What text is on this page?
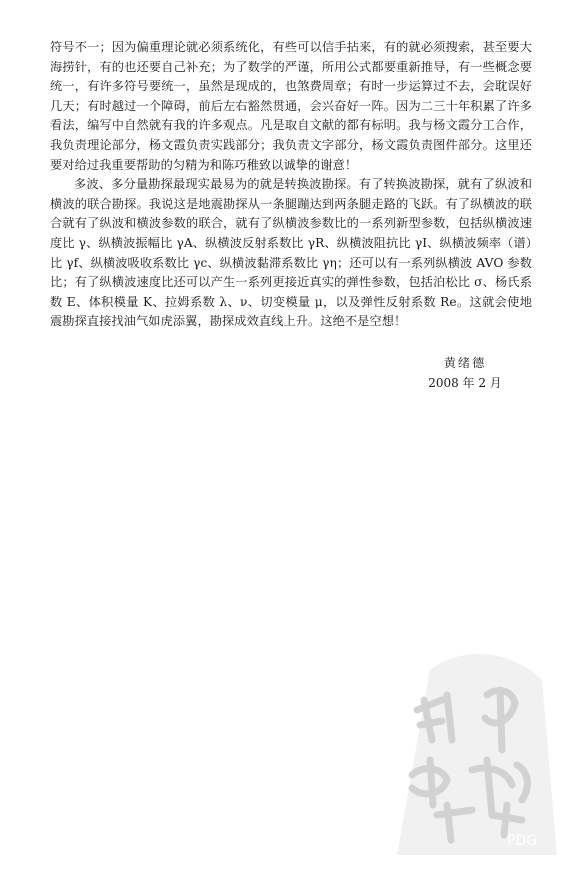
符号不一；因为偏重理论就必须系统化，有些可以信手拈来，有的就必须搜索，甚至要大海捞针，有的也还要自己补充；为了数学的严谨，所用公式都要重新推导，有一些概念要统一，有许多符号要统一，虽然是现成的，也煞费周章；有时一步运算过不去，会耽误好几天；有时越过一个障碍，前后左右豁然贯通，会兴奋好一阵。因为二三十年积累了许多看法，编写中自然就有我的许多观点。凡是取自文献的都有标明。我与杨文霞分工合作，我负责理论部分，杨文霞负责实践部分；我负责文字部分，杨文霞负责图件部分。这里还要对给过我重要帮助的匀精为和陈巧稚致以诚挚的谢意！

多波、多分量勘探最现实最易为的就是转换波勘探。有了转换波勘探，就有了纵波和横波的联合勘探。我说这是地震勘探从一条腿蹦达到两条腿走路的飞跃。有了纵横波的联合就有了纵波和横波参数的联合，就有了纵横波参数比的一系列新型参数，包括纵横波速度比 γ、纵横波振幅比 γA、纵横波反射系数比 γR、纵横波阻抗比 γI、纵横波频率（谱）比 γf、纵横波吸收系数比 γc、纵横波黏滞系数比 γη；还可以有一系列纵横波 AVO 参数比；有了纵横波速度比还可以产生一系列更接近真实的弹性参数，包括泊松比 σ、杨氏系数 E、体积模量 K、拉姆系数 λ、ν、切变模量 μ，以及弹性反射系数 Re。这就会使地震勘探直接找油气如虎添翼，勘探成效直线上升。这绝不是空想！

黄绪德
2008 年 2 月
PDG
